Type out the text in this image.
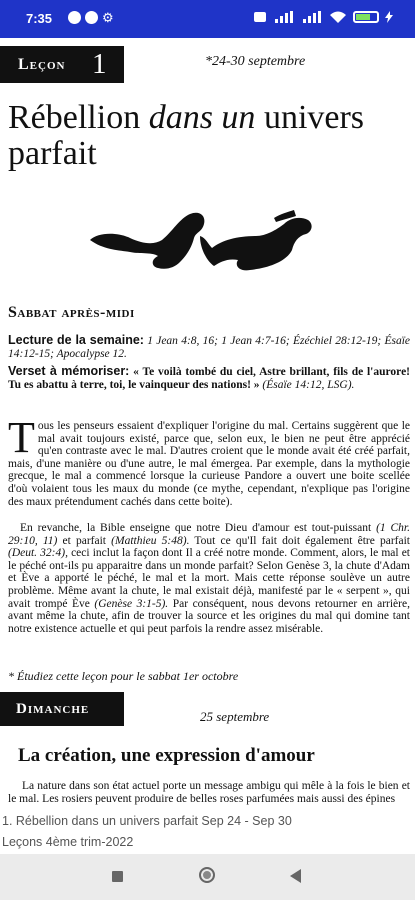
7:35	⚙
Leçon 1	*24-30 septembre
Rébellion dans un univers parfait
Sabbat après-midi
Lecture de la semaine: 1 Jean 4:8, 16; 1 Jean 4:7-16; Ézéchiel 28:12-19; Ésaïe 14:12-15; Apocalypse 12.
Verset à mémoriser: « Te voilà tombé du ciel, Astre brillant, fils de l'aurore! Tu es abattu à terre, toi, le vainqueur des nations! » (Ésaïe 14:12, LSG).
Tous les penseurs essaient d'expliquer l'origine du mal. Certains suggèrent que le mal avait toujours existé, parce que, selon eux, le bien ne peut être apprécié qu'en contraste avec le mal. D'autres croient que le monde avait été créé parfait, mais, d'une manière ou d'une autre, le mal émergea. Par exemple, dans la mythologie grecque, le mal a commencé lorsque la curieuse Pandore a ouvert une boite scellée d'où volaient tous les maux du monde (ce mythe, cependant, n'explique pas l'origine des maux prétendument cachés dans cette boite).
En revanche, la Bible enseigne que notre Dieu d'amour est tout-puissant (1 Chr. 29:10, 11) et parfait (Matthieu 5:48). Tout ce qu'Il fait doit également être parfait (Deut. 32:4), ceci inclut la façon dont Il a créé notre monde. Comment, alors, le mal et le péché ont-ils pu apparaitre dans un monde parfait? Selon Genèse 3, la chute d'Adam et Ève a apporté le péché, le mal et la mort. Mais cette réponse soulève un autre problème. Même avant la chute, le mal existait déjà, manifesté par le « serpent », qui avait trompé Ève (Genèse 3:1-5). Par conséquent, nous devons retourner en arrière, avant même la chute, afin de trouver la source et les origines du mal qui domine tant notre existence actuelle et qui peut parfois la rendre assez misérable.
* Étudiez cette leçon pour le sabbat 1er octobre
Dimanche	25 septembre
La création, une expression d'amour
La nature dans son état actuel porte un message ambigu qui mêle à la fois le bien et le mal. Les rosiers peuvent produire de belles roses parfumées mais aussi des épines
1. Rébellion dans un univers parfait Sep 24 - Sep 30
Leçons 4ème trim-2022
